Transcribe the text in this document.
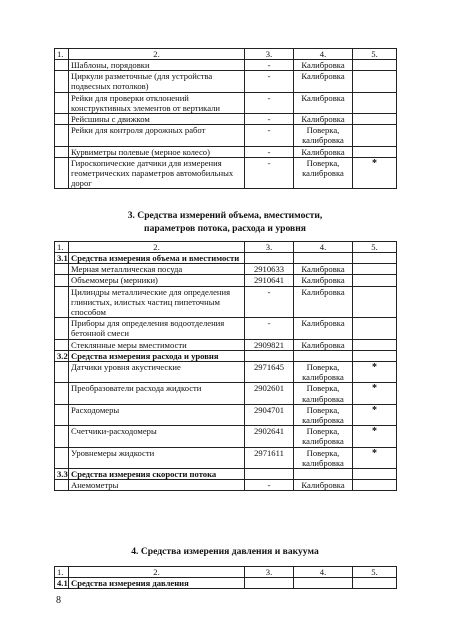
1.	2.	3.	4.	5.
	Шаблоны, порядовки	-	Калибровка	
	Циркули разметочные (для устройства подвесных потолков)	-	Калибровка	
	Рейки для проверки отклонений конструктивных элементов от вертикали	-	Калибровка	
	Рейсшины с движком	-	Калибровка	
	Рейки для контроля дорожных работ	-	Поверка, калибровка	
	Курвиметры полевые (мерное колесо)	-	Калибровка	
	Гироскопические датчики для измерения геометрических параметров автомобильных дорог	-	Поверка, калибровка	*
3. Средства измерений объема, вместимости,
параметров потока, расхода и уровня
1.	2.	3.	4.	5.
3.1	Средства измерения объема и вместимости			
	Мерная металлическая посуда	2910633	Калибровка	
	Объемомеры (мерники)	2910641	Калибровка	
	Цилиндры металлические для определения глинистых, илистых частиц пипеточным способом	-	Калибровка	
	Приборы для определения водоотделения бетонной смеси	-	Калибровка	
	Стеклянные меры вместимости	2909821	Калибровка	
3.2	Средства измерения расхода и уровня			
	Датчики уровня акустические	2971645	Поверка, калибровка	*
	Преобразователи расхода жидкости	2902601	Поверка, калибровка	*
	Расходомеры	2904701	Поверка, калибровка	*
	Счетчики-расходомеры	2902641	Поверка, калибровка	*
	Уровнемеры жидкости	2971611	Поверка, калибровка	*
3.3	Средства измерения скорости потока			
	Анемометры	-	Калибровка	
4. Средства измерения давления и вакуума
1.	2.	3.	4.	5.
4.1	Средства измерения давления			
8
